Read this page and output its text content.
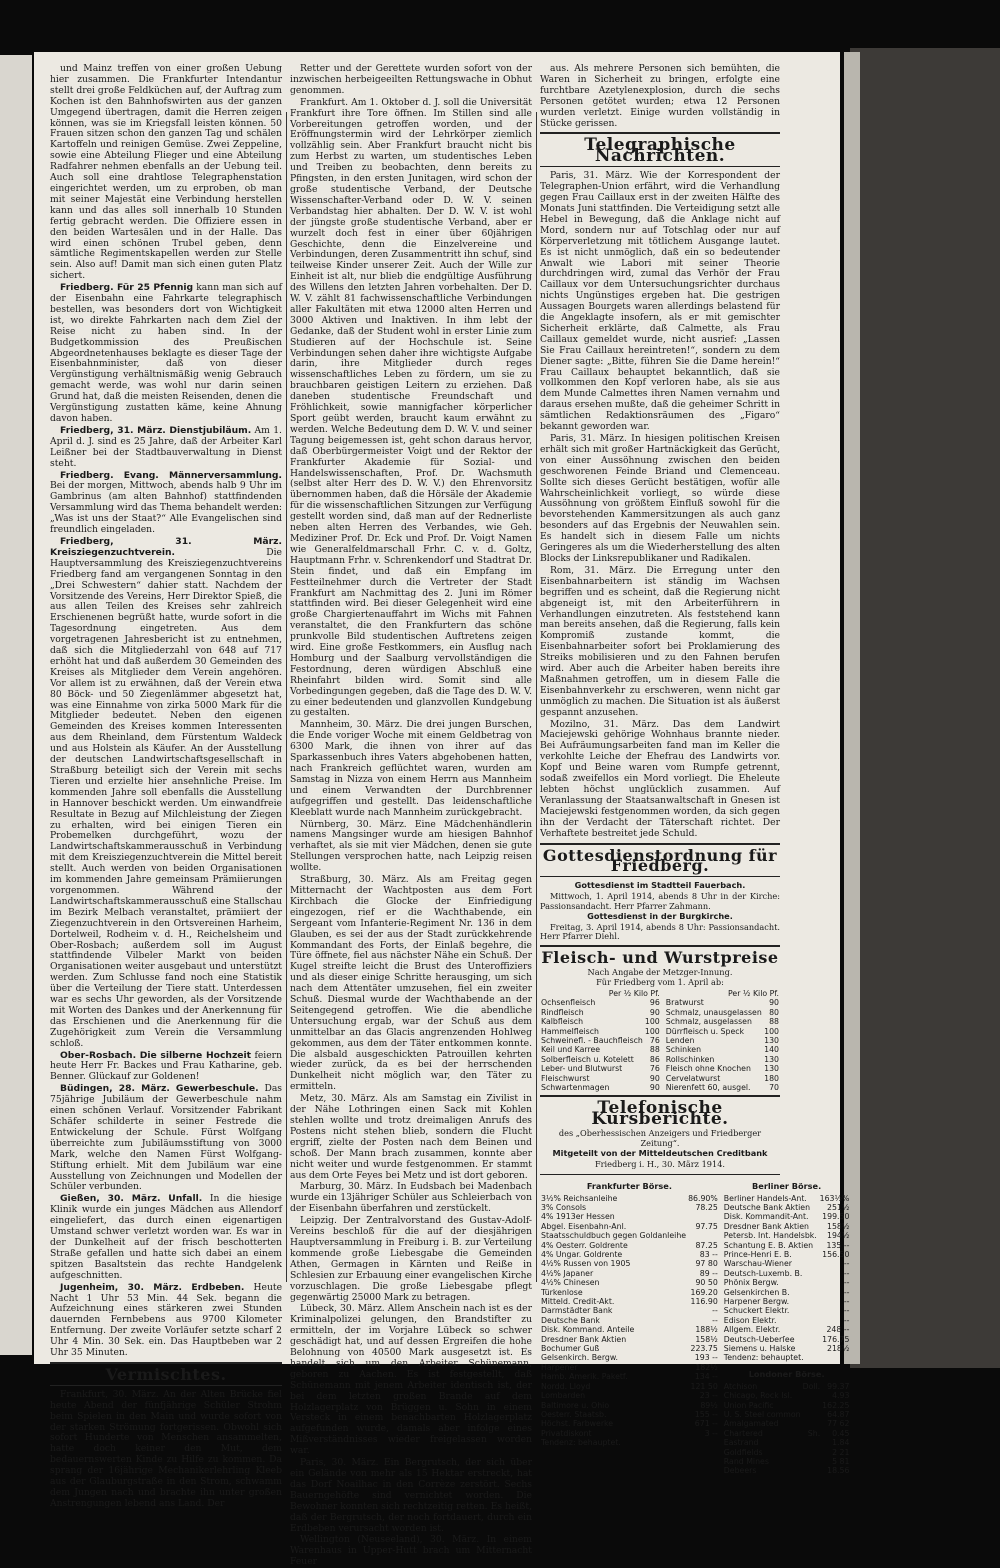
und Mainz treffen von einer großen Uebung hier zusammen. Die Frankfurter Intendantur stellt drei große Feldküchen auf, der Auftrag zum Kochen ist den Bahnhofswirten aus der ganzen Umgegend übertragen, damit die Herren zeigen können, was sie im Kriegsfall leisten können. 50 Frauen sitzen schon den ganzen Tag und schälen Kartoffeln und reinigen Gemüse. Zwei Zeppeline, sowie eine Abteilung Flieger und eine Abteilung Radfahrer nehmen ebenfalls an der Uebung teil. Auch soll eine drahtlose Telegraphenstation eingerichtet werden, um zu erproben, ob man mit seiner Majestät eine Verbindung herstellen kann und das alles soll innerhalb 10 Stunden fertig gebracht werden. Die Offiziere essen in den beiden Wartesälen und in der Halle. Das wird einen schönen Trubel geben, denn sämtliche Regimentskapellen werden zur Stelle sein. Also auf! Damit man sich einen guten Platz sichert.

Friedberg. Für 25 Pfennig kann man sich auf der Eisenbahn eine Fahrkarte telegraphisch bestellen, was besonders dort von Wichtigkeit ist, wo direkte Fahrkarten nach dem Ziel der Reise nicht zu haben sind. In der Budgetkommission des Preußischen Abgeordnetenhauses beklagte es dieser Tage der Eisenbahnminister, daß von dieser Vergünstigung verhältnismäßig wenig Gebrauch gemacht werde, was wohl nur darin seinen Grund hat, daß die meisten Reisenden, denen die Vergünstigung zustatten käme, keine Ahnung davon haben.

Friedberg, 31. März. Dienstjubiläum. Am 1. April d. J. sind es 25 Jahre, daß der Arbeiter Karl Leißner bei der Stadtbauverwaltung in Dienst steht.

Friedberg. Evang. Männerversammlung. Bei der morgen, Mittwoch, abends halb 9 Uhr im Gambrinus (am alten Bahnhof) stattfindenden Versammlung wird das Thema behandelt werden: „Was ist uns der Staat?“ Alle Evangelischen sind freundlich eingeladen.

Friedberg, 31. März. Kreisziegenzuchtverein.	Die Hauptversammlung des Kreisziegenzuchtvereins Friedberg fand am vergangenen Sonntag in den „Drei Schwestern“ dahier statt. Nachdem der Vorsitzende des Vereins, Herr Direktor Spieß, die aus allen Teilen des Kreises sehr zahlreich Erschienenen begrüßt hatte, wurde sofort in die Tagesordnung eingetreten. Aus dem vorgetragenen Jahresbericht ist zu entnehmen, daß sich die Mitgliederzahl von 648 auf 717 erhöht hat und daß außerdem 30 Gemeinden des Kreises als Mitglieder dem Verein angehören. Vor allem ist zu erwähnen, daß der Verein etwa 80 Böck- und 50 Ziegenlämmer abgesetzt hat, was eine Einnahme von zirka 5000 Mark für die Mitglieder bedeutet. Neben den eigenen Gemeinden des Kreises kommen Interessenten aus dem Rheinland, dem Fürstentum Waldeck und aus Holstein als Käufer. An der Ausstellung der deutschen Landwirtschaftsgesellschaft in Straßburg beteiligt sich der Verein mit sechs Tieren und erzielte hier ansehnliche Preise. Im kommenden Jahre soll ebenfalls die Ausstellung in Hannover beschickt werden. Um einwandfreie Resultate in Bezug auf Milchleistung der Ziegen zu erhalten, wird bei einigen Tieren ein Probemelken durchgeführt, wozu der Landwirtschaftskammerausschuß in Verbindung mit dem Kreisziegenzuchtverein die Mittel bereit stellt. Auch werden von beiden Organisationen im kommenden Jahre gemeinsam Prämiierungen vorgenommen. Während der Landwirtschaftskammerausschuß eine Stallschau im Bezirk Melbach veranstaltet, prämiiert der Ziegenzuchtverein in den Ortsvereinen Harheim, Dortelweil, Rodheim v. d. H., Reichelsheim und Ober-Rosbach; außerdem soll im August stattfindende Vilbeler Markt von beiden Organisationen weiter ausgebaut und unterstützt werden. Zum Schlusse fand noch eine Statistik über die Verteilung der Tiere statt. Unterdessen war es sechs Uhr geworden, als der Vorsitzende mit Worten des Dankes und der Anerkennung für das Erschienen und die Anerkennung für die Zugehörigkeit zum Verein die Versammlung schloß.

Ober-Rosbach. Die silberne Hochzeit feiern heute Herr Fr. Backes und Frau Katharine, geb. Benner. Glückauf zur Goldenen!

Büdingen, 28. März. Gewerbeschule. Das 75jährige Jubiläum der Gewerbeschule nahm einen schönen Verlauf. Vorsitzender Fabrikant Schäfer schilderte in seiner Festrede die Entwickelung der Schule. Fürst Wolfgang überreichte zum Jubiläumsstiftung von 3000 Mark, welche den Namen Fürst Wolfgang-Stiftung erhielt. Mit dem Jubiläum war eine Ausstellung von Zeichnungen und Modellen der Schüler verbunden.

Gießen, 30. März. Unfall. In die hiesige Klinik wurde ein junges Mädchen aus Allendorf eingeliefert, das durch einen eigenartigen Umstand schwer verletzt worden war. Es war in der Dunkelheit auf der frisch beschotterten Straße gefallen und hatte sich dabei an einem spitzen Basaltstein das rechte Handgelenk aufgeschnitten.

Jugenheim, 30. März. Erdbeben. Heute Nacht 1 Uhr 53 Min. 44 Sek. begann die Aufzeichnung eines stärkeren zwei Stunden dauernden Fernbebens aus 9700 Kilometer Entfernung. Der zweite Vorläufer setzte scharf 2 Uhr 4 Min. 30 Sek. ein. Das Hauptbeben war 2 Uhr 35 Minuten.

Vermischtes.

Frankfurt, 30. März. An der Alten Brücke fiel heute Abend der fünfjährige Schüler Strohm beim Spielen in den Main und wurde sofort von der starken Strömung fortgerissen. Obwohl sich sofort Hunderte von Menschen ansammelten, hatte doch keiner den Mut, dem bedauernswerten Kinde zu Hilfe zu kommen. Da sprang der 16jährige Mechanikerlehrling Kleeb aus der Glauburgstraße in den Strom, schwamm dem Jungen nach und brachte ihn unter großen Anstrengungen lebend ans Land. Der

Retter und der Gerettete wurden sofort von der inzwischen herbeigeeilten Rettungswache in Obhut genommen.

Frankfurt. Am 1. Oktober d. J. soll die Universität Frankfurt ihre Tore öffnen. Im Stillen sind alle Vorbereitungen getroffen worden, und der Eröffnungstermin wird der Lehrkörper ziemlich vollzählig sein. Aber Frankfurt braucht nicht bis zum Herbst zu warten, um studentisches Leben und Treiben zu beobachten, denn bereits zu Pfingsten, in den ersten Junitagen, wird schon der große studentische Verband, der Deutsche Wissenschafter-Verband oder D. W. V. seinen Verbandstag hier abhalten. Der D. W. V. ist wohl der jüngste große studentische Verband, aber er wurzelt doch fest in einer über 60jährigen Geschichte, denn die Einzelvereine und Verbindungen, deren Zusammentritt ihn schuf, sind teilweise Kinder unserer Zeit. Auch der Wille zur Einheit ist alt, nur blieb die endgültige Ausführung des Willens den letzten Jahren vorbehalten. Der D. W. V. zählt 81 fachwissenschaftliche Verbindungen aller Fakultäten mit etwa 12000 alten Herren und 3000 Aktiven und Inaktiven. In ihm lebt der Gedanke, daß der Student wohl in erster Linie zum Studieren auf der Hochschule ist. Seine Verbindungen sehen daher ihre wichtigste Aufgabe darin, ihre Mitglieder durch reges wissenschaftliches Leben zu fördern, um sie zu brauchbaren geistigen Leitern zu erziehen. Daß daneben studentische Freundschaft und Fröhlichkeit, sowie mannigfacher körperlicher Sport geübt werden, braucht kaum erwähnt zu werden. Welche Bedeutung dem D. W. V. und seiner Tagung beigemessen ist, geht schon daraus hervor, daß Oberbürgermeister Voigt und der Rektor der Frankfurter Akademie für Sozial- und Handelswissenschaften, Prof. Dr. Wachsmuth (selbst alter Herr des D. W. V.) den Ehrenvorsitz übernommen haben, daß die Hörsäle der Akademie für die wissenschaftlichen Sitzungen zur Verfügung gestellt worden sind, daß man auf der Rednerliste neben alten Herren des Verbandes, wie Geh. Mediziner Prof. Dr. Eck und Prof. Dr. Voigt Namen wie Generalfeldmarschall Frhr. C. v. d. Goltz, Hauptmann Frhr. v. Schrenkendorf und Stadtrat Dr. Stein findet, und daß ein Empfang im Festteilnehmer durch die Vertreter der Stadt Frankfurt am Nachmittag des 2. Juni im Römer stattfinden wird. Bei dieser Gelegenheit wird eine große Chargiertenauffahrt im Wichs mit Fahnen veranstaltet, die den Frankfurtern das schöne prunkvolle Bild studentischen Auftretens zeigen wird. Eine große Festkommers, ein Ausflug nach Homburg und der Saalburg vervollständigen die Festordnung, deren würdigen Abschluß eine Rheinfahrt bilden wird. Somit sind alle Vorbedingungen gegeben, daß die Tage des D. W. V. zu einer bedeutenden und glanzvollen Kundgebung zu gestalten.

Mannheim, 30. März. Die drei jungen Burschen, die Ende voriger Woche mit einem Geldbetrag von 6300 Mark, die ihnen von ihrer auf das Sparkassenbuch ihres Vaters abgehobenen hatten, nach Frankreich geflüchtet waren, wurden am Samstag in Nizza von einem Herrn aus Mannheim und einem Verwandten der Durchbrenner aufgegriffen und gestellt. Das leidenschaftliche Kleeblatt wurde nach Mannheim zurückgebracht.

Nürnberg, 30. März. Eine Mädchenhändlerin namens Mangsinger wurde am hiesigen Bahnhof verhaftet, als sie mit vier Mädchen, denen sie gute Stellungen versprochen hatte, nach Leipzig reisen wollte.

Straßburg, 30. März. Als am Freitag gegen Mitternacht der Wachtposten aus dem Fort Kirchbach die Glocke der Einfriedigung eingezogen, rief er die Wachthabende, ein Sergeant vom Infanterie-Regiment Nr. 136 in dem Glauben, es sei der aus der Stadt zurückkehrende Kommandant des Forts, der Einlaß begehre, die Türe öffnete, fiel aus nächster Nähe ein Schuß. Der Kugel streifte leicht die Brust des Unteroffiziers und als dieser einige Schritte herausging, um sich nach dem Attentäter umzusehen, fiel ein zweiter Schuß. Diesmal wurde der Wachthabende an der Seitengegend getroffen. Wie die abendliche Untersuchung ergab, war der Schuß aus dem unmittelbar an das Glacis angrenzenden Hohlweg gekommen, aus dem der Täter entkommen konnte. Die alsbald ausgeschickten Patrouillen kehrten wieder zurück, da es bei der herrschenden Dunkelheit nicht möglich war, den Täter zu ermitteln.

Metz, 30. März. Als am Samstag ein Zivilist in der Nähe Lothringen einen Sack mit Kohlen stehlen wollte und trotz dreimaligen Anrufs des Postens nicht stehen blieb, sondern die Flucht ergriff, zielte der Posten nach dem Beinen und schoß. Der Mann brach zusammen, konnte aber nicht weiter und wurde festgenommen. Er stammt aus dem Orte Feyes bei Metz und ist dort geboren.

Marburg, 30. März. In Eudsbach bei Madenbach wurde ein 13jähriger Schüler aus Schleierbach von der Eisenbahn überfahren und zerstückelt.

Leipzig. Der Zentralvorstand des Gustav-Adolf-Vereins beschloß für die auf der diesjährigen Hauptversammlung in Freiburg i. B. zur Verteilung kommende große Liebesgabe die Gemeinden Athen, Germagen in Kärnten und Reiße in Schlesien zur Erbauung einer evangelischen Kirche vorzuschlagen. Die große Liebesgabe pflegt gegenwärtig 25000 Mark zu betragen.

Lübeck, 30. März. Allem Anschein nach ist es der Kriminalpolizei gelungen, den Brandstifter zu ermitteln, der im Vorjahre Lübeck so schwer geschädigt hat, und auf dessen Ergreifen die hohe Belohnung von 40500 Mark ausgesetzt ist. Es handelt sich um den Arbeiter Schünemann, geboren zu Aachen. Es ist festgestellt, daß Schünemann mit jenem Arbeiter identisch ist, der bei dem letzten großen Brande auf dem Holzlagerplatz von Brüggen u. Sohn in einem Versteck in einem benachbarten Holzlagerplatz aufgefunden wurde, damals aber infolge eines Mißverständnisses wieder freigelassen worden war.

Paris, 30. März. Ein Bergrutsch, der sich über ein Gelände von mehr als 15 Hektar erstreckt, hat das Dorf Noailhac in den Corrèze zerstört. Sechs Bauerngehöfte sind vernichtet worden. Die Bewohner konnten sich rechtzeitig retten. Es heißt, daß der Bergrutsch, der noch fortdauert, durch ein Erdbeben verursacht worden ist.

Wellington (Neuseeland), 30. März. In einem Warenhaus in Upper-Hutt brach um Mitternacht Feuer

aus. Als mehrere Personen sich bemühten, die Waren in Sicherheit zu bringen, erfolgte eine furchtbare Azetylenexplosion, durch die sechs Personen getötet wurden; etwa 12 Personen wurden verletzt. Einige wurden vollständig in Stücke gerissen.

Telegraphische Nachrichten.

Paris, 31. März. Wie der Korrespondent der Telegraphen-Union erfährt, wird die Verhandlung gegen Frau Caillaux erst in der zweiten Hälfte des Monats Juni stattfinden. Die Verteidigung setzt alle Hebel in Bewegung, daß die Anklage nicht auf Mord, sondern nur auf Totschlag oder nur auf Körperverletzung mit tötlichem Ausgange lautet. Es ist nicht unmöglich, daß ein so bedeutender Anwalt wie Labori mit seiner Theorie durchdringen wird, zumal das Verhör der Frau Caillaux vor dem Untersuchungsrichter durchaus nichts Ungünstiges ergeben hat. Die gestrigen Aussagen Bourgets waren allerdings belastend für die Angeklagte insofern, als er mit gemischter Sicherheit erklärte, daß Calmette, als Frau Caillaux gemeldet wurde, nicht ausrief: „Lassen Sie Frau Caillaux hereintreten!“, sondern zu dem Diener sagte: „Bitte, führen Sie die Dame herein!“ Frau Caillaux behauptet bekanntlich, daß sie vollkommen den Kopf verloren habe, als sie aus dem Munde Calmettes ihren Namen vernahm und daraus ersehen mußte, daß die geheimer Schritt in sämtlichen Redaktionsräumen des „Figaro“ bekannt geworden war.

Paris, 31. März. In hiesigen politischen Kreisen erhält sich mit großer Hartnäckigkeit das Gerücht, von einer Aussöhnung zwischen den beiden geschworenen Feinde Briand und Clemenceau. Sollte sich dieses Gerücht bestätigen, wofür alle Wahrscheinlichkeit vorliegt, so würde diese Aussöhnung von größtem Einfluß sowohl für die bevorstehenden Kammersitzungen als auch ganz besonders auf das Ergebnis der Neuwahlen sein. Es handelt sich in diesem Falle um nichts Geringeres als um die Wiederherstellung des alten Blocks der Linksrepublikaner und Radikalen.

Rom, 31. März. Die Erregung unter den Eisenbahnarbeitern ist ständig im Wachsen begriffen und es scheint, daß die Regierung nicht abgeneigt ist, mit den Arbeiterführern in Verhandlungen einzutreten. Als feststehend kann man bereits ansehen, daß die Regierung, falls kein Kompromiß zustande kommt, die Eisenbahnarbeiter sofort bei Proklamierung des Streiks mobilisieren und zu den Fahnen berufen wird. Aber auch die Arbeiter haben bereits ihre Maßnahmen getroffen, um in diesem Falle die Eisenbahnverkehr zu erschweren, wenn nicht gar unmöglich zu machen. Die Situation ist als äußerst gespannt anzusehen.

Mozilno, 31. März. Das dem Landwirt Maciejewski gehörige Wohnhaus brannte nieder. Bei Aufräumungsarbeiten fand man im Keller die verkohlte Leiche der Ehefrau des Landwirts vor. Kopf und Beine waren vom Rumpfe getrennt, sodaß zweifellos ein Mord vorliegt. Die Eheleute lebten höchst unglücklich zusammen. Auf Veranlassung der Staatsanwaltschaft in Gnesen ist Maciejewski festgenommen worden, da sich gegen ihn der Verdacht der Täterschaft richtet. Der Verhaftete bestreitet jede Schuld.

Gottesdienstordnung für Friedberg.

Gottesdienst im Stadtteil Fauerbach.

Mittwoch, 1. April 1914, abends 8 Uhr in der Kirche: Passionsandacht. Herr Pfarrer Zahmann.

Gottesdienst in der Burgkirche.

Freitag, 3. April 1914, abends 8 Uhr: Passionsandacht. Herr Pfarrer Diehl.

Fleisch- und Wurstpreise

Nach Angabe der Metzger-Innung.

Für Friedberg vom 1. April ab:

Per ½ Kilo Pf.	
Ochsenfleisch	96
Rindfleisch	90
Kalbfleisch	100
Hammelfleisch	100
Schweinefl. - Bauchfleisch	76
Keil und Karree	88
Solberfleisch u. Kotelett	86
Leber- und Blutwurst	76
Fleischwurst	90
Schwartenmagen	90
Per ½ Kilo Pf.	
Bratwurst	90
Schmalz, unausgelassen	80
Schmalz, ausgelassen	88
Dürrfleisch u. Speck	100
Lenden	130
Schinken	140
Rollschinken	130
Fleisch ohne Knochen	130
Cervelatwurst	180
Nierenfett 60, ausgel.	70
Telefonische Kursberichte.

des „Oberhessischen Anzeigers und Friedberger Zeitung“.

Mitgeteilt von der Mitteldeutschen Creditbank

Friedberg i. H., 30. März 1914.

Frankfurter Börse.
3½% Reichsanleihe	86.90%
3% Consols	78.25
4% 1913er Hessen	
Abgel. Eisenbahn-Anl.	97.75
Staatsschuldbuch gegen Goldanleihe	
4% Oesterr. Goldrente	87.25
4% Ungar. Goldrente	83 --
4½% Russen von 1905	97 80
4½% Japaner	89 --
4½% Chinesen	90 50
Türkenlose	169.20
Mitteld. Credit-Akt.	116.90
Darmstädter Bank	--
Deutsche Bank	--
Disk. Kommand. Anteile	188½
Dresdner Bank Aktien	158½
Bochumer Guß	223.75
Gelsenkirch. Bergw.	193 --
Harpener	182½
Hamb. Amerik. Paketf.	134 --
Nordd. Lloyd	121 50
Lombarden	23 --
Baltimore u. Ohio	89½
Oesterr. Staatsb.	155 --
Höchst. Farbwerke	671 --
Privatdiskont	3 --
Tendenz: behauptet.	
Berliner Börse.
Berliner Handels-Ant.	163½%
Deutsche Bank Aktien	251½
Disk. Kommandit-Ant.	199.50
Dresdner Bank Aktien	158½
Petersb. Int. Handelsbk.	194½
Schantung E. B. Aktien	135 --
Prince-Henri E. B.	156.50
Warschau-Wiener	--
Deutsch-Luxemb. B.	--
Phönix Bergw.	--
Gelsenkirchen B.	--
Harpener Bergw.	--
Schuckert Elektr.	--
Edison Elektr.	--
Allgem. Elektr.	248 --
Deutsch-Ueberſee	176.75
Siemens u. Halske	218½
Tendenz: behauptet.	
Londoner Börse.
Atchison	Doll.	99.37
Chicago, Rock Isl.		4.93
Union Pacific		162.25
U. S. Steel common		64.87
Amalgamated		77 62
Chartered	Sh.	0.45
Eastrand		1.84
Goldfields		2 21
Rand Mines		5 81
Debeers		18.56
